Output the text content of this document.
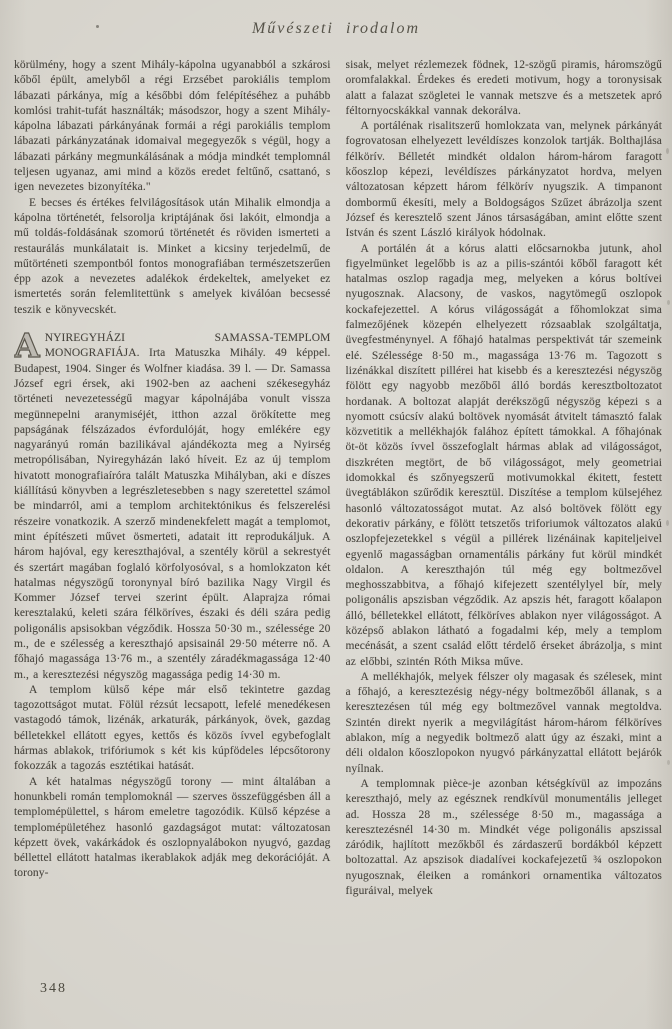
Művészeti irodalom

körülmény, hogy a szent Mihály-kápolna ugyanabból a szkárosi kőből épült, amelyből a régi Erzsébet parokiális templom lábazati párkánya, míg a későbbi dóm felépítéséhez a puhább komlósi trahit-tufát használták; másodszor, hogy a szent Mihály-kápolna lábazati párkányának formái a régi parokiális templom lábazati párkányzatának idomaival megegyezők s végül, hogy a lábazati párkány megmunkálásának a módja mindkét templomnál teljesen ugyanaz, ami mind a közös eredet feltűnő, csattanó, s igen nevezetes bizonyítéka."

E becses és értékes felvilágosítások után Mihalik elmondja a kápolna történetét, felsorolja kriptájának ősi lakóit, elmondja a mű toldás-foldásának szomorú történetét és röviden ismerteti a restaurálás munkálatait is. Minket a kicsiny terjedelmű, de műtörténeti szempontból fontos monografiában természetszerűen épp azok a nevezetes adalékok érdekeltek, amelyeket ez ismertetés során felemlitettünk s amelyek kiválóan becsessé teszik e könyvecskét.

ANYIREGYHÁZI SAMASSA-TEMPLOM MONOGRAFIÁJA. Irta Matuszka Mihály. 49 képpel. Budapest, 1904. Singer és Wolfner kiadása. 39 l. — Dr. Samassa József egri érsek, aki 1902-ben az aacheni székesegyház történeti nevezetességű magyar kápolnájába vonult vissza megünnepelni aranymiséjét, itthon azzal örökítette meg papságának félszázados évfordulóját, hogy emlékére egy nagyarányú román bazilikával ajándékozta meg a Nyirség metropólisában, Nyiregyházán lakó híveit. Ez az új templom hivatott monografiaíróra talált Matuszka Mihályban, aki e díszes kiállítású könyvben a legrészletesebben s nagy szeretettel számol be mindarról, ami a templom architektónikus és felszerelési részeire vonatkozik. A szerző mindenekfelett magát a templomot, mint építészeti művet ösmerteti, adatait itt reprodukáljuk. A három hajóval, egy kereszthajóval, a szentély körül a sekrestyét és szertárt magában foglaló körfolyosóval, s a homlokzaton két hatalmas négyszögű toronynyal bíró bazilika Nagy Virgil és Kommer József tervei szerint épült. Alaprajza római keresztalakú, keleti szára félköríves, északi és déli szára pedig poligonális apsisokban végződik. Hossza 50·30 m., szélessége 20 m., de e szélesség a kereszthajó apsisainál 29·50 méterre nő. A főhajó magassága 13·76 m., a szentély záradékmagassága 12·40 m., a keresztezési négyszög magassága pedig 14·30 m.

A templom külső képe már első tekintetre gazdag tagozottságot mutat. Fölül rézsút lecsapott, lefelé menedékesen vastagodó támok, lizénák, arkaturák, párkányok, övek, gazdag bélletekkel ellátott egyes, kettős és közös ívvel egybefoglalt hármas ablakok, trifóriumok s két kis kúpfödeles lépcsőtorony fokozzák a tagozás esztétikai hatását.

A két hatalmas négyszögű torony — mint általában a honunkbeli román templomoknál — szerves összefüggésben áll a templomépülettel, s három emeletre tagozódik. Külső képzése a templomépületéhez hasonló gazdagságot mutat: változatosan képzett övek, vakárkádok és oszlopnyalábokon nyugvó, gazdag béllettel ellátott hatalmas ikerablakok adják meg dekorációját. A torony-

sisak, melyet rézlemezek födnek, 12-szögű piramis, háromszögű oromfalakkal. Érdekes és eredeti motivum, hogy a toronysisak alatt a falazat szögletei le vannak metszve és a metszetek apró féltornyocskákkal vannak dekorálva.

A portálénak risalitszerű homlokzata van, melynek párkányát fogrovatosan elhelyezett levéldíszes konzolok tartják. Bolthajlása félkörív. Bélletét mindkét oldalon három-három faragott kőoszlop képezi, levéldíszes párkányzatot hordva, melyen változatosan képzett három félkörív nyugszik. A timpanont dombormű ékesíti, mely a Boldogságos Szűzet ábrázolja szent József és keresztelő szent János társaságában, amint előtte szent István és szent László királyok hódolnak.

A portálén át a kórus alatti előcsarnokba jutunk, ahol figyelmünket legelőbb is az a pilis-szántói kőből faragott két hatalmas oszlop ragadja meg, melyeken a kórus boltívei nyugosznak. Alacsony, de vaskos, nagytömegű oszlopok kockafejezettel. A kórus világosságát a főhomlokzat sima falmezőjének közepén elhelyezett rózsaablak szolgáltatja, üvegfestménynyel. A főhajó hatalmas perspektivát tár szemeink elé. Szélessége 8·50 m., magassága 13·76 m. Tagozott s lizénákkal diszített pillérei hat kisebb és a keresztezési négyszög fölött egy nagyobb mezőből álló bordás keresztboltozatot hordanak. A boltozat alapját derékszögű négyszög képezi s a nyomott csúcsív alakú boltövek nyomását átvitelt támasztó falak közvetitik a mellékhajók falához épített támokkal. A főhajónak öt-öt közös ívvel összefoglalt hármas ablak ad világosságot, diszkréten megtört, de bő világosságot, mely geometriai idomokkal és szőnyegszerű motivumokkal ékitett, festett üvegtáblákon szűrődik keresztül. Diszítése a templom külsejéhez hasonló változatosságot mutat. Az alsó boltövek fölött egy dekorativ párkány, e fölött tetszetős triforiumok változatos alakú oszlopfejezetekkel s végül a pillérek lizénáinak kapiteljeivel egyenlő magasságban ornamentális párkány fut körül mindkét oldalon. A kereszthajón túl még egy boltmezővel meghosszabbitva, a főhajó kifejezett szentélylyel bír, mely poligonális apszisban végződik. Az apszis hét, faragott kőalapon álló, bélletekkel ellátott, félköríves ablakon nyer világosságot. A középső ablakon látható a fogadalmi kép, mely a templom mecénását, a szent család előtt térdelő érseket ábrázolja, s mint az előbbi, szintén Róth Miksa műve.

A mellékhajók, melyek félszer oly magasak és szélesek, mint a főhajó, a keresztezésig négy-négy boltmezőből állanak, s a keresztezésen túl még egy boltmezővel vannak megtoldva. Szintén direkt nyerik a megvilágítást három-három félköríves ablakon, míg a negyedik boltmező alatt úgy az északi, mint a déli oldalon kőoszlopokon nyugvó párkányzattal ellátott bejárók nyílnak.

A templomnak pièce-je azonban kétségkívül az impozáns kereszthajó, mely az egésznek rendkívül monumentális jelleget ad. Hossza 28 m., szélessége 8·50 m., magassága a keresztezésnél 14·30 m. Mindkét vége poligonális apszissal záródik, hajlított mezőkből és zárdaszerű bordákból képzett boltozattal. Az apszisok diadalívei kockafejezetű ¾ oszlopokon nyugosznak, éleiken a románkori ornamentika változatos figuráival, melyek

348
